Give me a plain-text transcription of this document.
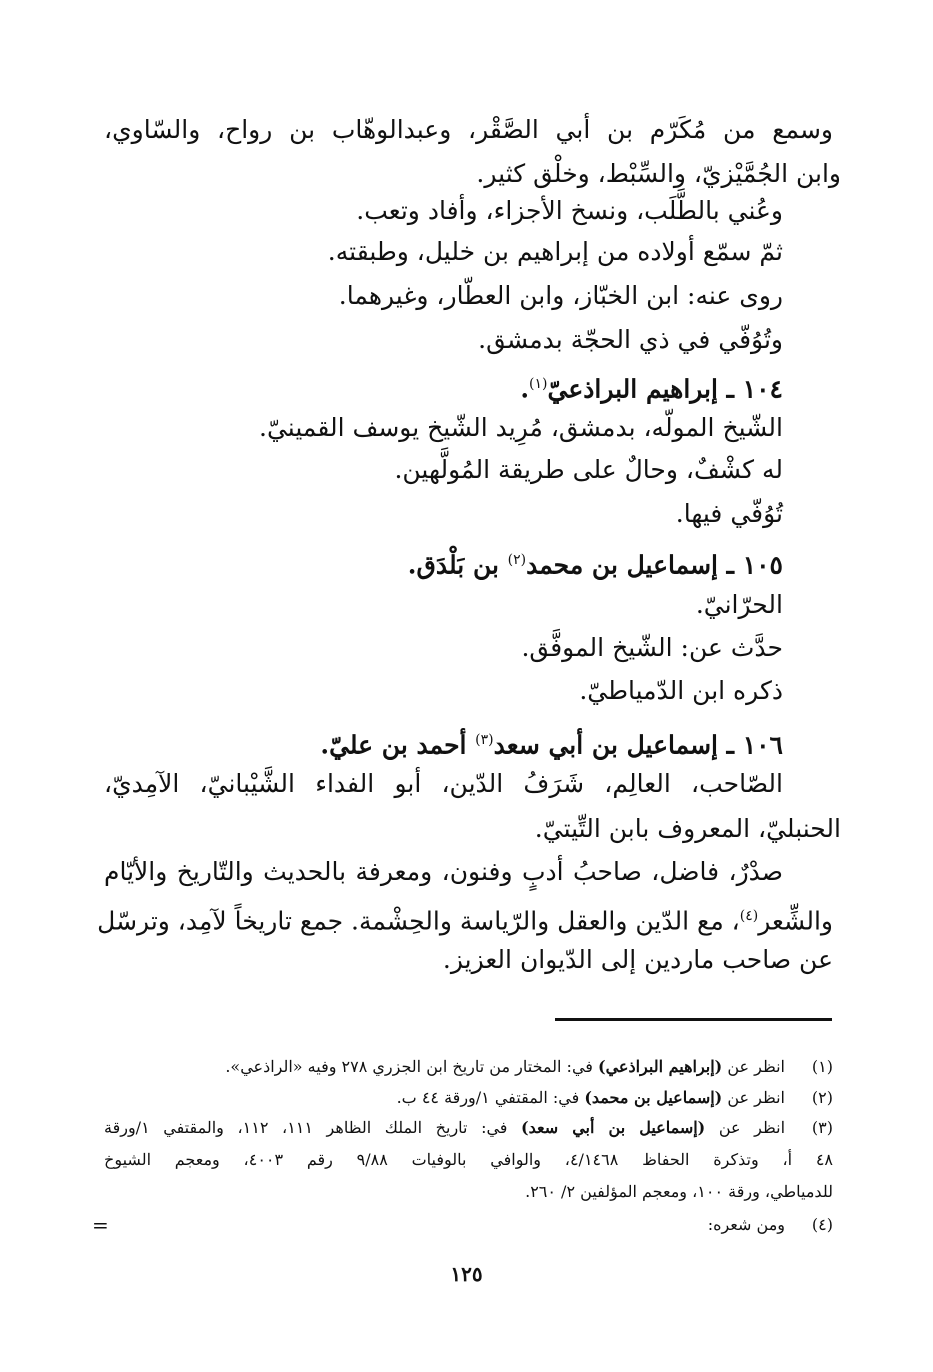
وسمع من مُكَرّم بن أبي الصَّقْر، وعبدالوهّاب بن رواح، والسّاوي،
وابن الجُمَّيْزيّ، والسِّبْط، وخلْق كثير.
وعُني بالطَّلَب، ونسخ الأجزاء، وأفاد وتعب.
ثمّ سمّع أولاده من إبراهيم بن خليل، وطبقته.
روى عنه: ابن الخبّاز، وابن العطّار، وغيرهما.
وتُوُفّي في ذي الحجّة بدمشق.
١٠٤ ـ إبراهيم البراذعيّ$^{(١)}$.
الشّيخ المولّه، بدمشق، مُرِيد الشّيخ يوسف القمينيّ.
له كشْفٌ، وحالٌ على طريقة المُولَّهين.
تُوُفّي فيها.
١٠٥ ـ إسماعيل بن محمد$^{(٢)}$ بن بَلْدَق.
الحرّانيّ.
حدَّث عن: الشّيخ الموفَّق.
ذكره ابن الدّمياطيّ.
١٠٦ ـ إسماعيل بن أبي سعد$^{(٣)}$ أحمد بن عليّ.
الصّاحب، العالِم، شَرَفُ الدّين، أبو الفداء الشَّيْبانيّ، الآمِديّ،
الحنبليّ، المعروف بابن التِّيتيّ.
صدْرٌ، فاضل، صاحبُ أدبٍ وفنون، ومعرفة بالحديث والتّاريخ والأيّام
والشِّعر$^{(٤)}$، مع الدّين والعقل والرّياسة والحِشْمة. جمع تاريخاً لآمِد، وترسّل
عن صاحب ماردين إلى الدّيوان العزيز.
(١)انظر عن (إبراهيم البراذعي) في: المختار من تاريخ ابن الجزري ٢٧٨ وفيه «الراذعي».
(٢)انظر عن (إسماعيل بن محمد) في: المقتفي ١/ورقة ٤٤ ب.
(٣)انظر عن (إسماعيل بن أبي سعد) في: تاريخ الملك الظاهر ١١١، ١١٢، والمقتفي ١/ورقة
٤٨ أ، وتذكرة الحفاظ ٤/١٤٦٨، والوافي بالوفيات ٩/٨٨ رقم ٤٠٠٣، ومعجم الشيوخ
للدمياطي، ورقة ١٠٠، ومعجم المؤلفين ٢/ ٢٦٠.
(٤)ومن شعره:
=
١٢٥
